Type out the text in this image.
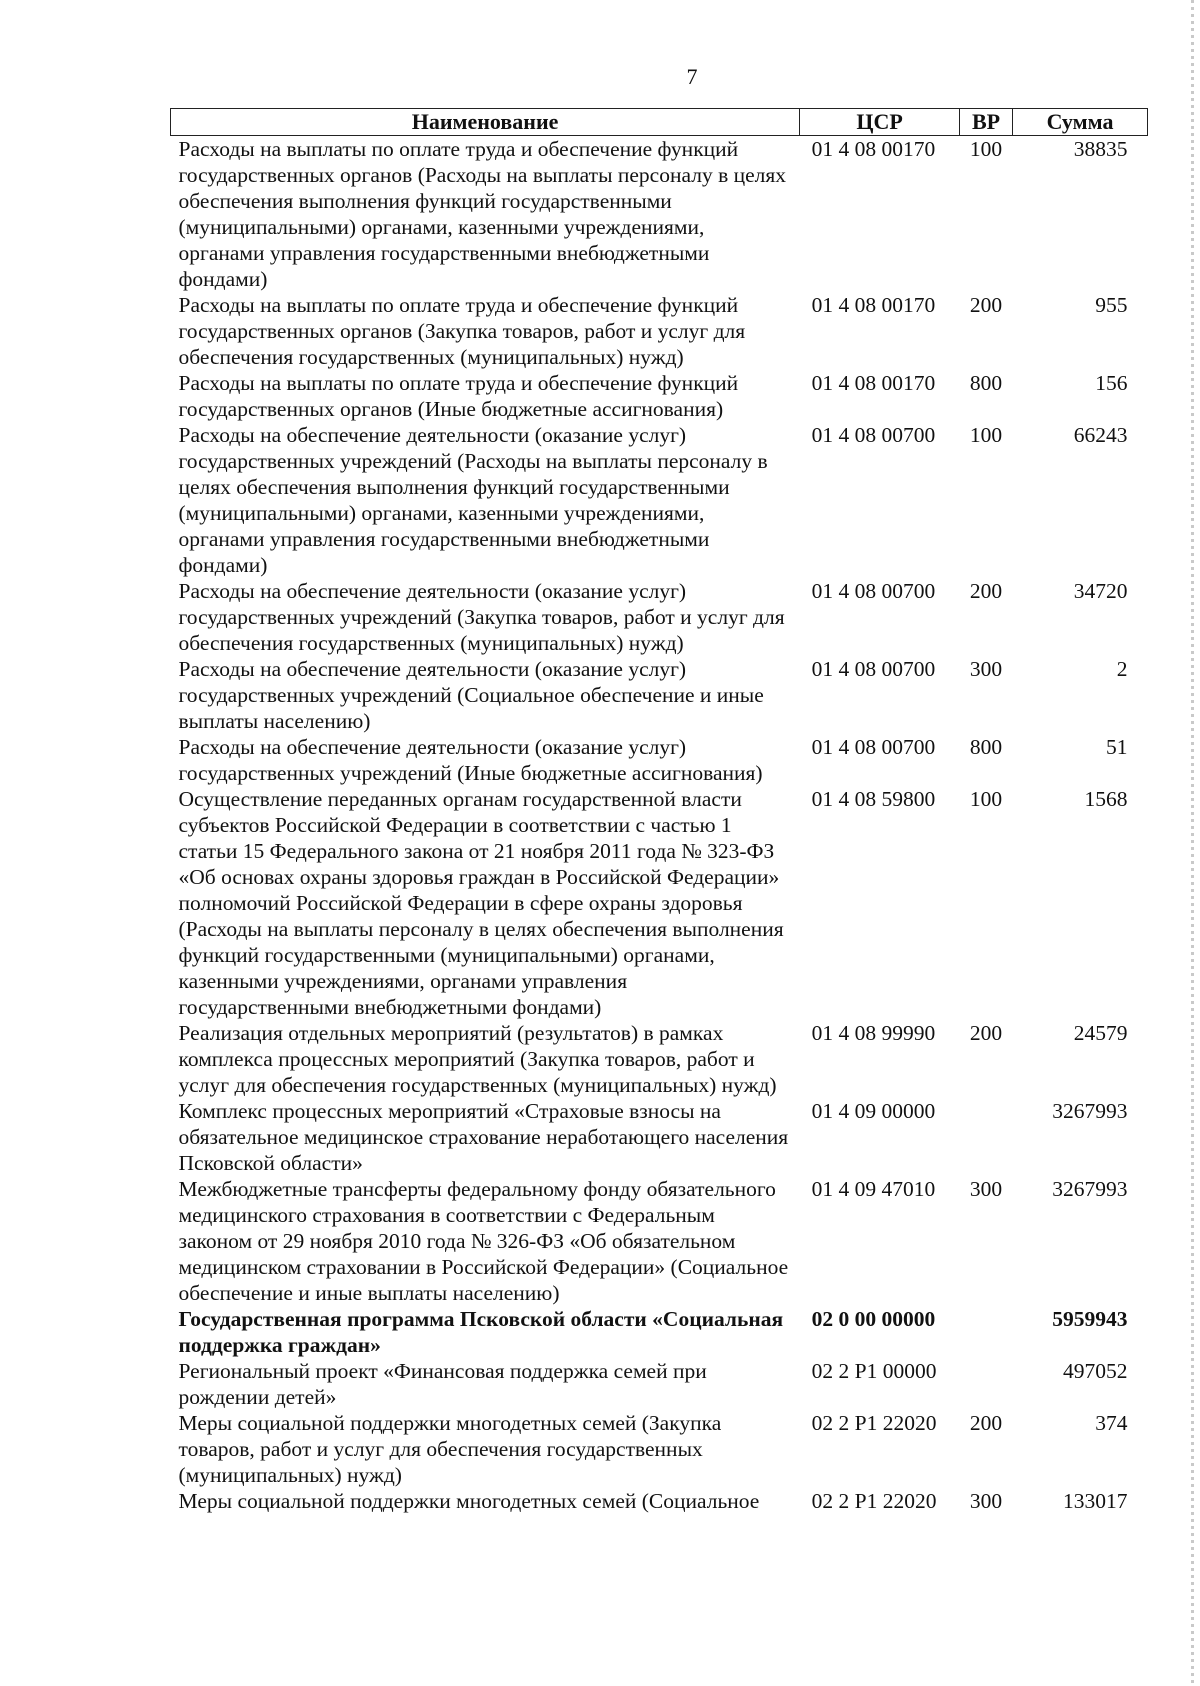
7
Наименование	ЦСР	ВР	Сумма
Расходы на выплаты по оплате труда и обеспечение функций государственных органов (Расходы на выплаты персоналу в целях обеспечения выполнения функций государственными (муниципальными) органами, казенными учреждениями, органами управления государственными внебюджетными фондами)	01 4 08 00170	100	38835
Расходы на выплаты по оплате труда и обеспечение функций государственных органов (Закупка товаров, работ и услуг для обеспечения государственных (муниципальных) нужд)	01 4 08 00170	200	955
Расходы на выплаты по оплате труда и обеспечение функций государственных органов (Иные бюджетные ассигнования)	01 4 08 00170	800	156
Расходы на обеспечение деятельности (оказание услуг) государственных учреждений (Расходы на выплаты персоналу в целях обеспечения выполнения функций государственными (муниципальными) органами, казенными учреждениями, органами управления государственными внебюджетными фондами)	01 4 08 00700	100	66243
Расходы на обеспечение деятельности (оказание услуг) государственных учреждений (Закупка товаров, работ и услуг для обеспечения государственных (муниципальных) нужд)	01 4 08 00700	200	34720
Расходы на обеспечение деятельности (оказание услуг) государственных учреждений (Социальное обеспечение и иные выплаты населению)	01 4 08 00700	300	2
Расходы на обеспечение деятельности (оказание услуг) государственных учреждений (Иные бюджетные ассигнования)	01 4 08 00700	800	51
Осуществление переданных органам государственной власти субъектов Российской Федерации в соответствии с частью 1 статьи 15 Федерального закона от 21 ноября 2011 года № 323-ФЗ «Об основах охраны здоровья граждан в Российской Федерации» полномочий Российской Федерации в сфере охраны здоровья (Расходы на выплаты персоналу в целях обеспечения выполнения функций государственными (муниципальными) органами, казенными учреждениями, органами управления государственными внебюджетными фондами)	01 4 08 59800	100	1568
Реализация отдельных мероприятий (результатов) в рамках комплекса процессных мероприятий (Закупка товаров, работ и услуг для обеспечения государственных (муниципальных) нужд)	01 4 08 99990	200	24579
Комплекс процессных мероприятий «Страховые взносы на обязательное медицинское страхование неработающего населения Псковской области»	01 4 09 00000		3267993
Межбюджетные трансферты федеральному фонду обязательного медицинского страхования в соответствии с Федеральным законом от 29 ноября 2010 года № 326-ФЗ «Об обязательном медицинском страховании в Российской Федерации» (Социальное обеспечение и иные выплаты населению)	01 4 09 47010	300	3267993
Государственная программа Псковской области «Социальная поддержка граждан»	02 0 00 00000		5959943
Региональный проект «Финансовая поддержка семей при рождении детей»	02 2 P1 00000		497052
Меры социальной поддержки многодетных семей (Закупка товаров, работ и услуг для обеспечения государственных (муниципальных) нужд)	02 2 P1 22020	200	374
Меры социальной поддержки многодетных семей (Социальное	02 2 P1 22020	300	133017
